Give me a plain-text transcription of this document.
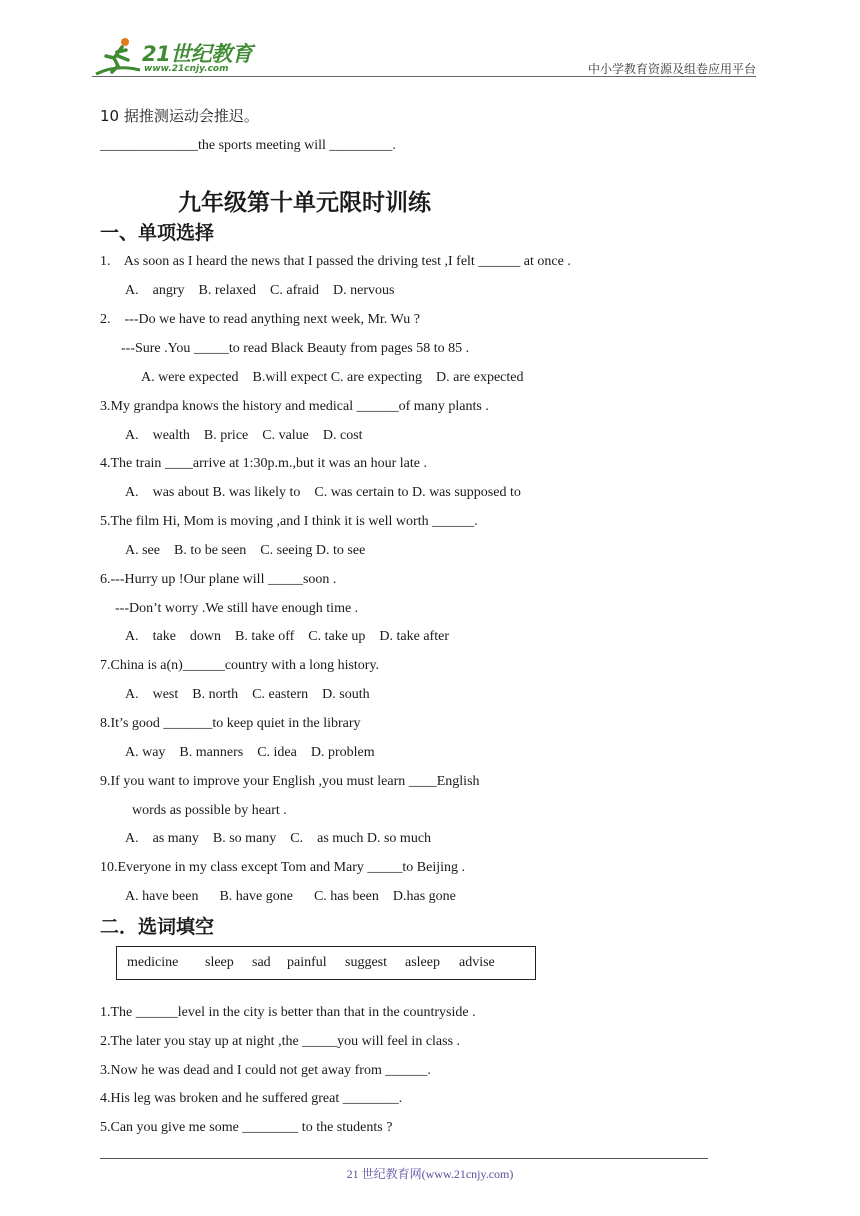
21世纪教育
www.21cnjy.com	中小学教育资源及组卷应用平台
10 据推测运动会推迟。
______________the sports meeting will _________.
九年级第十单元限时训练
一、单项选择
1.    As soon as I heard the news that I passed the driving test ,I felt ______ at once .
A.    angry    B. relaxed    C. afraid    D. nervous
2.    ---Do we have to read anything next week, Mr. Wu ?
---Sure .You _____to read Black Beauty from pages 58 to 85 .
A. were expected    B.will expect C. are expecting    D. are expected
3.My grandpa knows the history and medical ______of many plants .
A.    wealth    B. price    C. value    D. cost
4.The train ____arrive at 1:30p.m.,but it was an hour late .
A.    was about B. was likely to    C. was certain to D. was supposed to
5.The film Hi, Mom is moving ,and I think it is well worth ______.
A. see    B. to be seen    C. seeing D. to see
6.---Hurry up !Our plane will _____soon .
---Don’t worry .We still have enough time .
A.    take    down    B. take off    C. take up    D. take after
7.China is a(n)______country with a long history.
A.    west    B. north    C. eastern    D. south
8.It’s good _______to keep quiet in the library
A. way    B. manners    C. idea    D. problem
9.If you want to improve your English ,you must learn ____English
words as possible by heart .
A.    as many    B. so many    C.    as much D. so much
10.Everyone in my class except Tom and Mary _____to Beijing .
A. have been      B. have gone      C. has been    D.has gone
二．选词填空
medicine sleep sad painful suggest asleep advise
1.The ______level in the city is better than that in the countryside .
2.The later you stay up at night ,the _____you will feel in class .
3.Now he was dead and I could not get away from ______.
4.His leg was broken and he suffered great ________.
5.Can you give me some ________ to the students ?
21 世纪教育网(www.21cnjy.com)
